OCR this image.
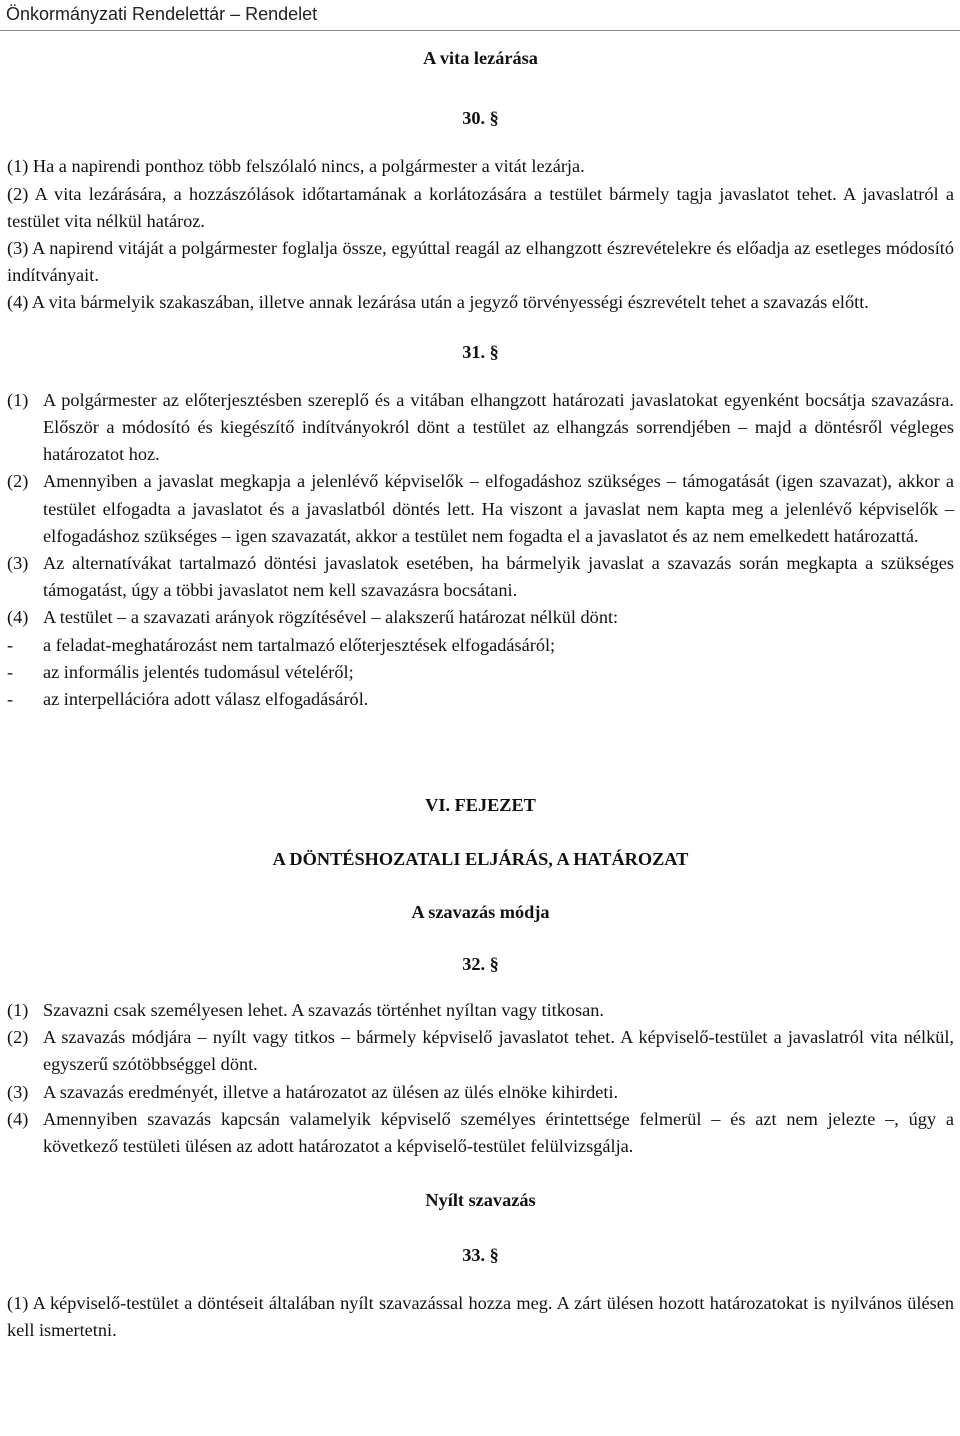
Önkormányzati Rendelettár – Rendelet

A vita lezárása

30. §

(1) Ha a napirendi ponthoz több felszólaló nincs, a polgármester a vitát lezárja.

(2) A vita lezárására, a hozzászólások időtartamának a korlátozására a testület bármely tagja javaslatot tehet. A javaslatról a testület vita nélkül határoz.

(3) A napirend vitáját a polgármester foglalja össze, egyúttal reagál az elhangzott észrevételekre és előadja az esetleges módosító indítványait.

(4) A vita bármelyik szakaszában, illetve annak lezárása után a jegyző törvényességi észrevételt tehet a szavazás előtt.

31. §

(1) A polgármester az előterjesztésben szereplő és a vitában elhangzott határozati javaslatokat egyenként bocsátja szavazásra. Először a módosító és kiegészítő indítványokról dönt a testület az elhangzás sorrendjében – majd a döntésről végleges határozatot hoz.
(2) Amennyiben a javaslat megkapja a jelenlévő képviselők – elfogadáshoz szükséges – támogatását (igen szavazat), akkor a testület elfogadta a javaslatot és a javaslatból döntés lett. Ha viszont a javaslat nem kapta meg a jelenlévő képviselők – elfogadáshoz szükséges – igen szavazatát, akkor a testület nem fogadta el a javaslatot és az nem emelkedett határozattá.
(3) Az alternatívákat tartalmazó döntési javaslatok esetében, ha bármelyik javaslat a szavazás során megkapta a szükséges támogatást, úgy a többi javaslatot nem kell szavazásra bocsátani.
(4) A testület – a szavazati arányok rögzítésével – alakszerű határozat nélkül dönt:
-	a feladat-meghatározást nem tartalmazó előterjesztések elfogadásáról;
-	az informális jelentés tudomásul vételéről;
-	az interpellációra adott válasz elfogadásáról.

VI. FEJEZET

A DÖNTÉSHOZATALI ELJÁRÁS, A HATÁROZAT

A szavazás módja

32. §

(1) Szavazni csak személyesen lehet. A szavazás történhet nyíltan vagy titkosan.
(2) A szavazás módjára – nyílt vagy titkos – bármely képviselő javaslatot tehet. A képviselő-testület a javaslatról vita nélkül, egyszerű szótöbbséggel dönt.
(3) A szavazás eredményét, illetve a határozatot az ülésen az ülés elnöke kihirdeti.
(4) Amennyiben szavazás kapcsán valamelyik képviselő személyes érintettsége felmerül – és azt nem jelezte –, úgy a következő testületi ülésen az adott határozatot a képviselő-testület felülvizsgálja.

Nyílt szavazás

33. §

(1) A képviselő-testület a döntéseit általában nyílt szavazással hozza meg. A zárt ülésen hozott határozatokat is nyilvános ülésen kell ismertetni.
